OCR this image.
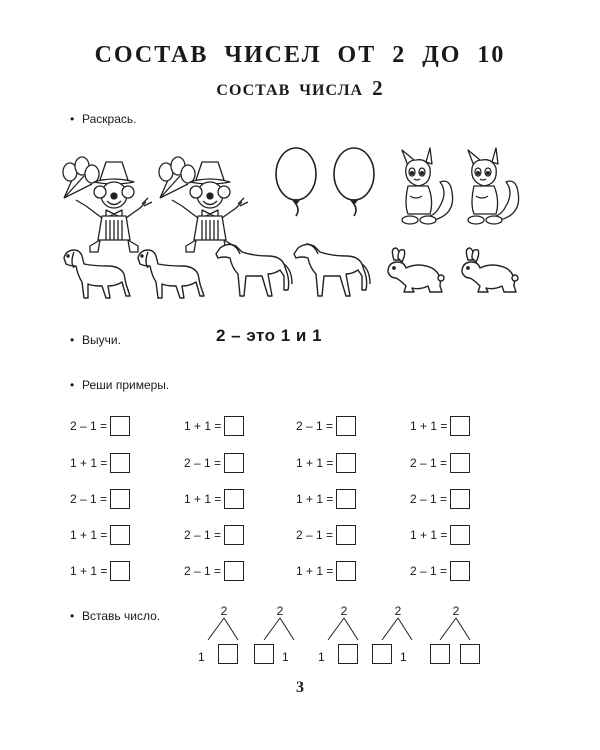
СОСТАВ ЧИСЕЛ ОТ 2 ДО 10
СОСТАВ ЧИСЛА 2
• Раскрась.
• Выучи.	2 – это 1 и 1
• Реши примеры.
2 – 1 =	1 + 1 =	2 – 1 =	1 + 1 =
1 + 1 =	2 – 1 =	1 + 1 =	2 – 1 =
2 – 1 =	1 + 1 =	1 + 1 =	2 – 1 =
1 + 1 =	2 – 1 =	2 – 1 =	1 + 1 =
1 + 1 =	2 – 1 =	1 + 1 =	2 – 1 =
• Вставь число.	2
1
2
1
2
1
2
1
2
3
